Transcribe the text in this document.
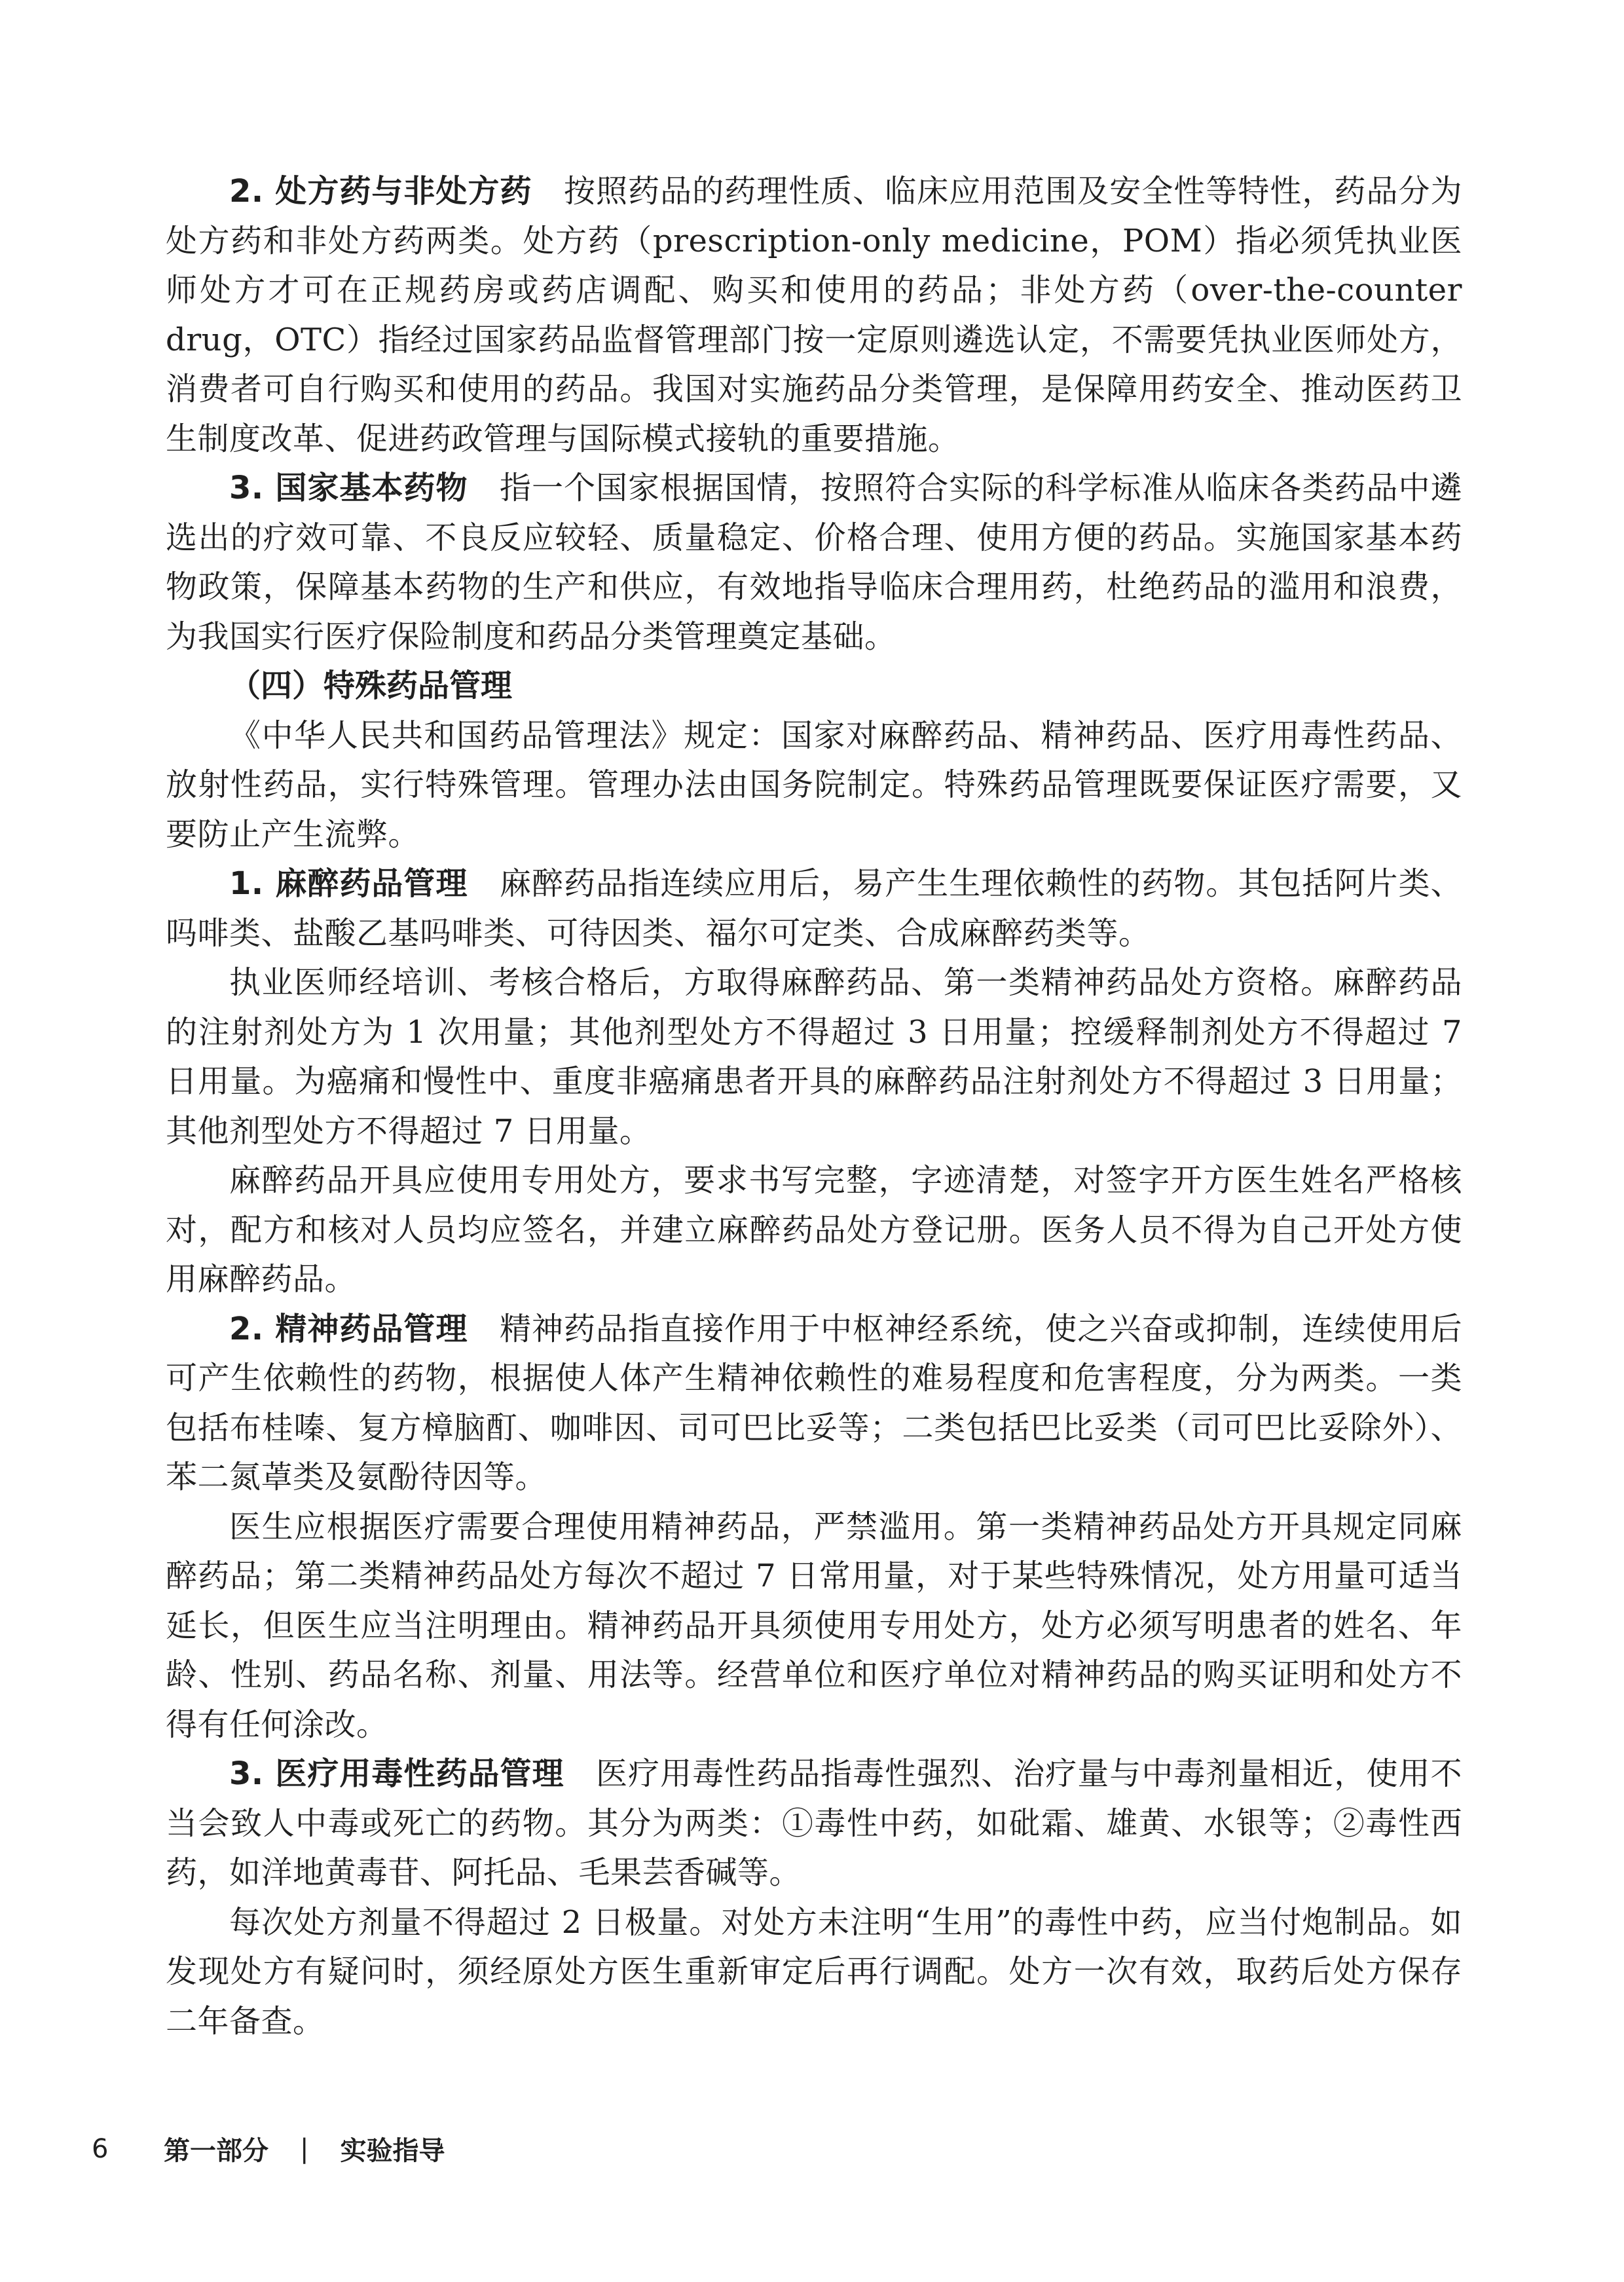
2. 处方药与非处方药 按照药品的药理性质、临床应用范围及安全性等特性，药品分为处方药和非处方药两类。处方药（prescription-only medicine，POM）指必须凭执业医师处方才可在正规药房或药店调配、购买和使用的药品；非处方药（over-the-counter drug，OTC）指经过国家药品监督管理部门按一定原则遴选认定，不需要凭执业医师处方，消费者可自行购买和使用的药品。我国对实施药品分类管理，是保障用药安全、推动医药卫生制度改革、促进药政管理与国际模式接轨的重要措施。

3. 国家基本药物 指一个国家根据国情，按照符合实际的科学标准从临床各类药品中遴选出的疗效可靠、不良反应较轻、质量稳定、价格合理、使用方便的药品。实施国家基本药物政策，保障基本药物的生产和供应，有效地指导临床合理用药，杜绝药品的滥用和浪费，为我国实行医疗保险制度和药品分类管理奠定基础。

（四）特殊药品管理

《中华人民共和国药品管理法》规定：国家对麻醉药品、精神药品、医疗用毒性药品、放射性药品，实行特殊管理。管理办法由国务院制定。特殊药品管理既要保证医疗需要，又要防止产生流弊。

1. 麻醉药品管理 麻醉药品指连续应用后，易产生生理依赖性的药物。其包括阿片类、吗啡类、盐酸乙基吗啡类、可待因类、福尔可定类、合成麻醉药类等。

执业医师经培训、考核合格后，方取得麻醉药品、第一类精神药品处方资格。麻醉药品的注射剂处方为 1 次用量；其他剂型处方不得超过 3 日用量；控缓释制剂处方不得超过 7 日用量。为癌痛和慢性中、重度非癌痛患者开具的麻醉药品注射剂处方不得超过 3 日用量；其他剂型处方不得超过 7 日用量。

麻醉药品开具应使用专用处方，要求书写完整，字迹清楚，对签字开方医生姓名严格核对，配方和核对人员均应签名，并建立麻醉药品处方登记册。医务人员不得为自己开处方使用麻醉药品。

2. 精神药品管理 精神药品指直接作用于中枢神经系统，使之兴奋或抑制，连续使用后可产生依赖性的药物，根据使人体产生精神依赖性的难易程度和危害程度，分为两类。一类包括布桂嗪、复方樟脑酊、咖啡因、司可巴比妥等；二类包括巴比妥类（司可巴比妥除外）、苯二氮䓬类及氨酚待因等。

医生应根据医疗需要合理使用精神药品，严禁滥用。第一类精神药品处方开具规定同麻醉药品；第二类精神药品处方每次不超过 7 日常用量，对于某些特殊情况，处方用量可适当延长，但医生应当注明理由。精神药品开具须使用专用处方，处方必须写明患者的姓名、年龄、性别、药品名称、剂量、用法等。经营单位和医疗单位对精神药品的购买证明和处方不得有任何涂改。

3. 医疗用毒性药品管理 医疗用毒性药品指毒性强烈、治疗量与中毒剂量相近，使用不当会致人中毒或死亡的药物。其分为两类：①毒性中药，如砒霜、雄黄、水银等；②毒性西药，如洋地黄毒苷、阿托品、毛果芸香碱等。

每次处方剂量不得超过 2 日极量。对处方未注明“生用”的毒性中药，应当付炮制品。如发现处方有疑问时，须经原处方医生重新审定后再行调配。处方一次有效，取药后处方保存二年备查。

6	第一部分 | 实验指导
